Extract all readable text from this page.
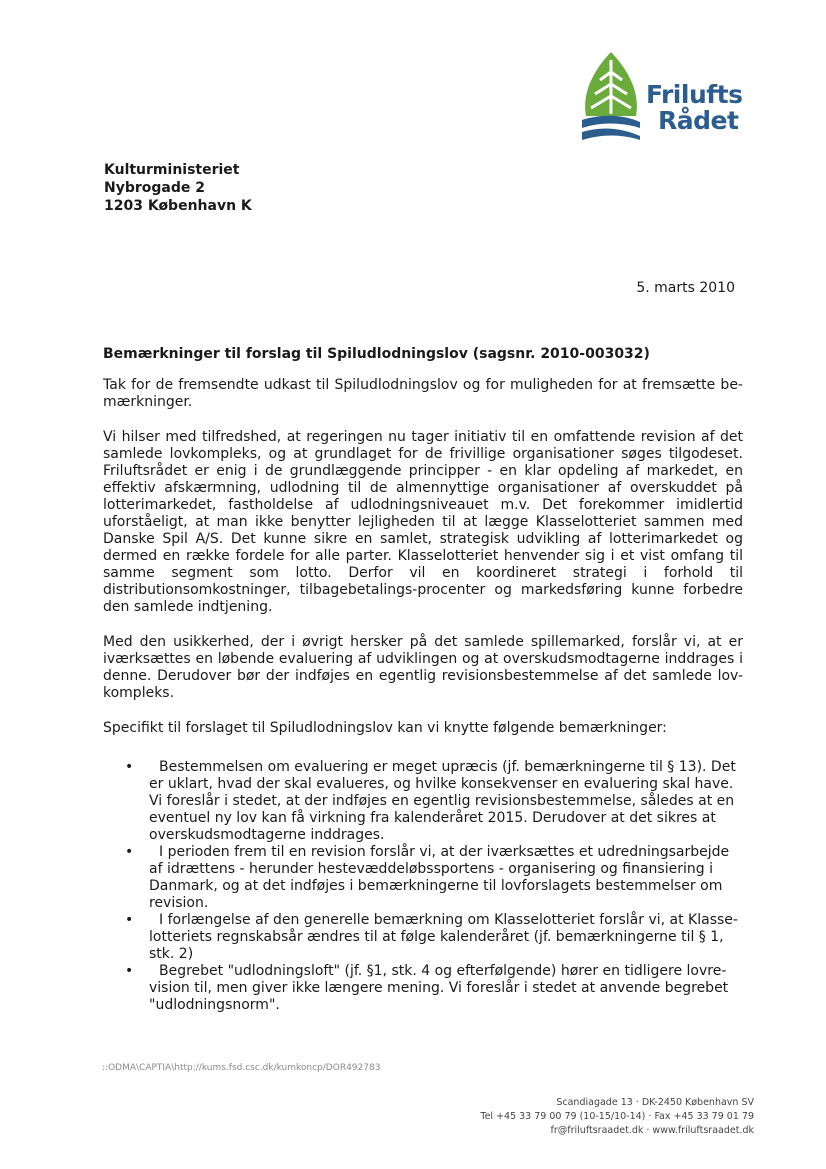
Frilufts
Rådet
Kulturministeriet
Nybrogade 2
1203 København K
5. marts 2010

Bemærkninger til forslag til Spiludlodningslov (sagsnr. 2010-003032)

Tak for de fremsendte udkast til Spiludlodningslov og for muligheden for at fremsætte be-mærkninger.

Vi hilser med tilfredshed, at regeringen nu tager initiativ til en omfattende revision af det samlede lovkompleks, og at grundlaget for de frivillige organisationer søges tilgodeset. Friluftsrådet er enig i de grundlæggende principper - en klar opdeling af markedet, en effektiv afskærmning, udlodning til de almennyttige organisationer af overskuddet på lotterimarkedet, fastholdelse af udlodningsniveauet m.v. Det forekommer imidlertid uforståeligt, at man ikke benytter lejligheden til at lægge Klasselotteriet sammen med Danske Spil A/S. Det kunne sikre en samlet, strategisk udvikling af lotterimarkedet og dermed en række fordele for alle parter. Klasselotteriet henvender sig i et vist omfang til samme segment som lotto. Derfor vil en koordineret strategi i forhold til distributionsomkostninger, tilbagebetalings-procenter og markedsføring kunne forbedre den samlede indtjening.

Med den usikkerhed, der i øvrigt hersker på det samlede spillemarked, forslår vi, at er iværksættes en løbende evaluering af udviklingen og at overskudsmodtagerne inddrages i denne. Derudover bør der indføjes en egentlig revisionsbestemmelse af det samlede lov-kompleks.

Specifikt til forslaget til Spiludlodningslov kan vi knytte følgende bemærkninger:

•	Bestemmelsen om evaluering er meget upræcis (jf. bemærkningerne til § 13). Det er uklart, hvad der skal evalueres, og hvilke konsekvenser en evaluering skal have. Vi foreslår i stedet, at der indføjes en egentlig revisionsbestemmelse, således at en eventuel ny lov kan få virkning fra kalenderåret 2015. Derudover at det sikres at overskudsmodtagerne inddrages.
•	I perioden frem til en revision forslår vi, at der iværksættes et udredningsarbejde af idrættens - herunder hestevæddeløbssportens - organisering og finansiering i Danmark, og at det indføjes i bemærkningerne til lovforslagets bestemmelser om revision.
•	I forlængelse af den generelle bemærkning om Klasselotteriet forslår vi, at Klasse-lotteriets regnskabsår ændres til at følge kalenderåret (jf. bemærkningerne til § 1, stk. 2)
•	Begrebet "udlodningsloft" (jf. §1, stk. 4 og efterfølgende) hører en tidligere lovre-vision til, men giver ikke længere mening. Vi foreslår i stedet at anvende begrebet "udlodningsnorm".
::ODMA\CAPTIA\http://kums.fsd.csc.dk/kumkoncp/DOR492783
Scandiagade 13 · DK-2450 København SV
Tel +45 33 79 00 79 (10-15/10-14) · Fax +45 33 79 01 79
fr@friluftsraadet.dk · www.friluftsraadet.dk
